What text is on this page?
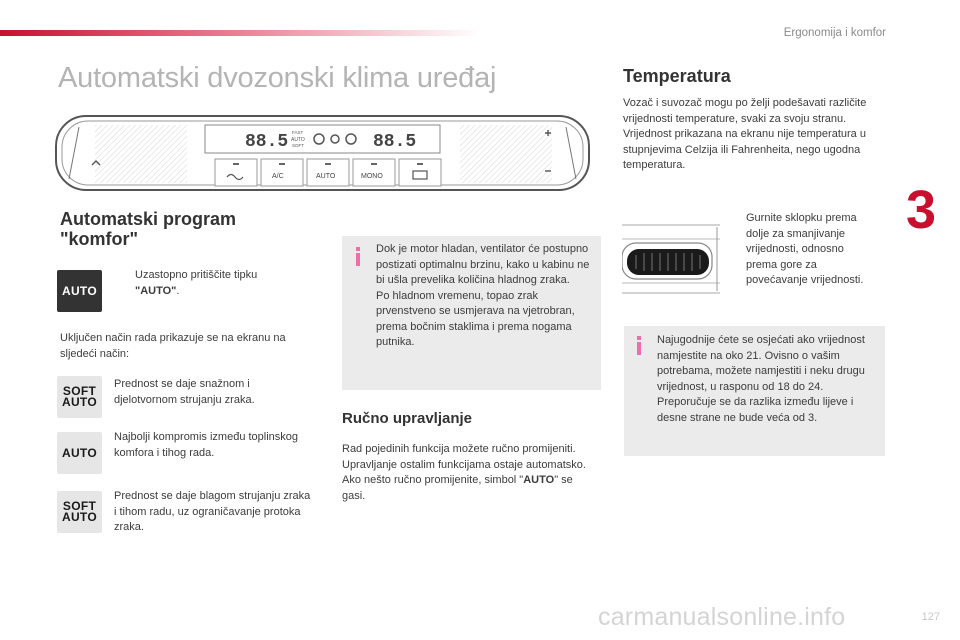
Ergonomija i komfor
3
Automatski dvozonski klima uređaj
88.5 FAST
AUTO
SOFT	88.5
A/C	AUTO	MONO
Automatski program
"komfor"
AUTO
Uzastopno pritiščite tipku
"AUTO".
Uključen način rada prikazuje se na ekranu na sljedeći način:
SOFT
AUTO
Prednost se daje snažnom i djelotvornom strujanju zraka.
AUTO
Najbolji kompromis između toplinskog komfora i tihog rada.
SOFT
AUTO
Prednost se daje blagom strujanju zraka i tihom radu, uz ograničavanje protoka zraka.
Dok je motor hladan, ventilator će postupno postizati optimalnu brzinu, kako u kabinu ne bi ušla prevelika količina hladnog zraka.
Po hladnom vremenu, topao zrak prvenstveno se usmjerava na vjetrobran, prema bočnim staklima i prema nogama putnika.
Ručno upravljanje
Rad pojedinih funkcija možete ručno promijeniti. Upravljanje ostalim funkcijama ostaje automatsko.
Ako nešto ručno promijenite, simbol "AUTO" se gasi.
Temperatura
Vozač i suvozač mogu po želji podešavati različite vrijednosti temperature, svaki za svoju stranu.
Vrijednost prikazana na ekranu nije temperatura u stupnjevima Celzija ili Fahrenheita, nego ugodna temperatura.
Gurnite sklopku prema dolje za smanjivanje vrijednosti, odnosno prema gore za povećavanje vrijednosti.
Najugodnije ćete se osjećati ako vrijednost namjestite na oko 21. Ovisno o vašim potrebama, možete namjestiti i neku drugu vrijednost, u rasponu od 18 do 24.
Preporučuje se da razlika između lijeve i desne strane ne bude veća od 3.
carmanualsonline.info	127
